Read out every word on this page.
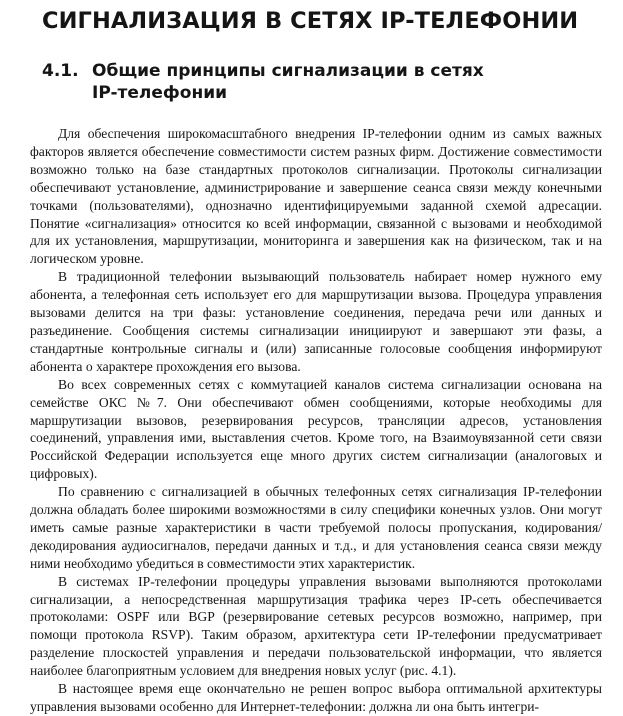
СИГНАЛИЗАЦИЯ В СЕТЯХ IP-ТЕЛЕФОНИИ
4.1. Общие принципы сигнализации в сетях
IP-телефонии

Для обеспечения широкомасштабного внедрения IP-телефонии одним из самых важных факторов является обеспечение совместимости систем разных фирм. Достижение совместимости возможно только на базе стандартных протоколов сигнализации. Протоколы сигнализации обеспечивают установление, администрирование и завершение сеанса связи между конечными точками (пользователями), однозначно идентифицируемыми заданной схемой адресации. Понятие «сигнализация» относится ко всей информации, связанной с вызовами и необходимой для их установления, маршрутизации, мониторинга и завершения как на физическом, так и на логическом уровне.

В традиционной телефонии вызывающий пользователь набирает номер нужного ему абонента, а телефонная сеть использует его для маршрутизации вызова. Процедура управления вызовами делится на три фазы: установление соединения, передача речи или данных и разъединение. Сообщения системы сигнализации инициируют и завершают эти фазы, а стандартные контрольные сигналы и (или) записанные голосовые сообщения информируют абонента о характере прохождения его вызова.

Во всех современных сетях с коммутацией каналов система сигнализации основана на семействе ОКС №7. Они обеспечивают обмен сообщениями, которые необходимы для маршрутизации вызовов, резервирования ресурсов, трансляции адресов, установления соединений, управления ими, выставления счетов. Кроме того, на Взаимоувязанной сети связи Российской Федерации используется еще много других систем сигнализации (аналоговых и цифровых).

По сравнению с сигнализацией в обычных телефонных сетях сигнализация IP-телефонии должна обладать более широкими возможностями в силу специфики конечных узлов. Они могут иметь самые разные характеристики в части требуемой полосы пропускания, кодирования/декодирования аудиосигналов, передачи данных и т.д., и для установления сеанса связи между ними необходимо убедиться в совместимости этих характеристик.

В системах IP-телефонии процедуры управления вызовами выполняются протоколами сигнализации, а непосредственная маршрутизация трафика через IP-сеть обеспечивается протоколами: OSPF или BGP (резервирование сетевых ресурсов возможно, например, при помощи протокола RSVP). Таким образом, архитектура сети IP-телефонии предусматривает разделение плоскостей управления и передачи пользовательской информации, что является наиболее благоприятным условием для внедрения новых услуг (рис. 4.1).

В настоящее время еще окончательно не решен вопрос выбора оптимальной архитектуры управления вызовами особенно для Интернет-телефонии: должна ли она быть интегри-
